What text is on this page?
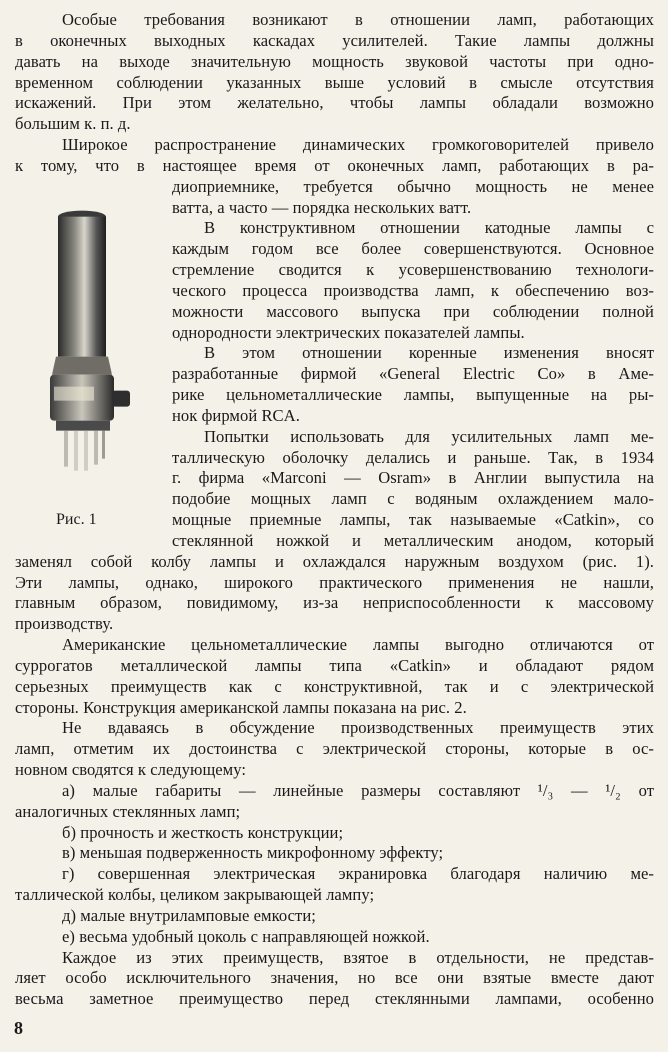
Рис. 1
Особые требования возникают в отношении ламп, работающих
в оконечных выходных каскадах усилителей. Такие лампы должны
давать на выходе значительную мощность звуковой частоты при одно-
временном соблюдении указанных выше условий в смысле отсутствия
искажений. При этом желательно, чтобы лампы обладали возможно
большим к. п. д.
Широкое распространение динамических громкоговорителей привело
к тому, что в настоящее время от оконечных ламп, работающих в ра-
диоприемнике, требуется обычно мощность не менее
ватта, а часто — порядка нескольких ватт.
В конструктивном отношении катодные лампы с
каждым годом все более совершенствуются. Основное
стремление сводится к усовершенствованию технологи-
ческого процесса производства ламп, к обеспечению воз-
можности массового выпуска при соблюдении полной
однородности электрических показателей лампы.
В этом отношении коренные изменения вносят
разработанные фирмой «General Electric Co» в Аме-
рике цельнометаллические лампы, выпущенные на ры-
нок фирмой RCA.
Попытки использовать для усилительных ламп ме-
таллическую оболочку делались и раньше. Так, в 1934
г. фирма «Marconi — Osram» в Англии выпустила на
подобие мощных ламп с водяным охлаждением мало-
мощные приемные лампы, так называемые «Catkin», со
стеклянной ножкой и металлическим анодом, который
заменял собой колбу лампы и охлаждался наружным воздухом (рис. 1).
Эти лампы, однако, широкого практического применения не нашли,
главным образом, повидимому, из-за неприспособленности к массовому
производству.
Американские цельнометаллические лампы выгодно отличаются от
суррогатов металлической лампы типа «Catkin» и обладают рядом
серьезных преимуществ как с конструктивной, так и с электрической
стороны. Конструкция американской лампы показана на рис. 2.
Не вдаваясь в обсуждение производственных преимуществ этих
ламп, отметим их достоинства с электрической стороны, которые в ос-
новном сводятся к следующему:
а) малые габариты — линейные размеры составляют ¹/₃ — ¹/₂ от
аналогичных стеклянных ламп;
б) прочность и жесткость конструкции;
в) меньшая подверженность микрофонному эффекту;
г) совершенная электрическая экранировка благодаря наличию ме-
таллической колбы, целиком закрывающей лампу;
д) малые внутриламповые емкости;
е) весьма удобный цоколь с направляющей ножкой.
Каждое из этих преимуществ, взятое в отдельности, не представ-
8
ляет особо исключительного значения, но все они взятые вместе дают
весьма заметное преимущество перед стеклянными лампами, особенно
